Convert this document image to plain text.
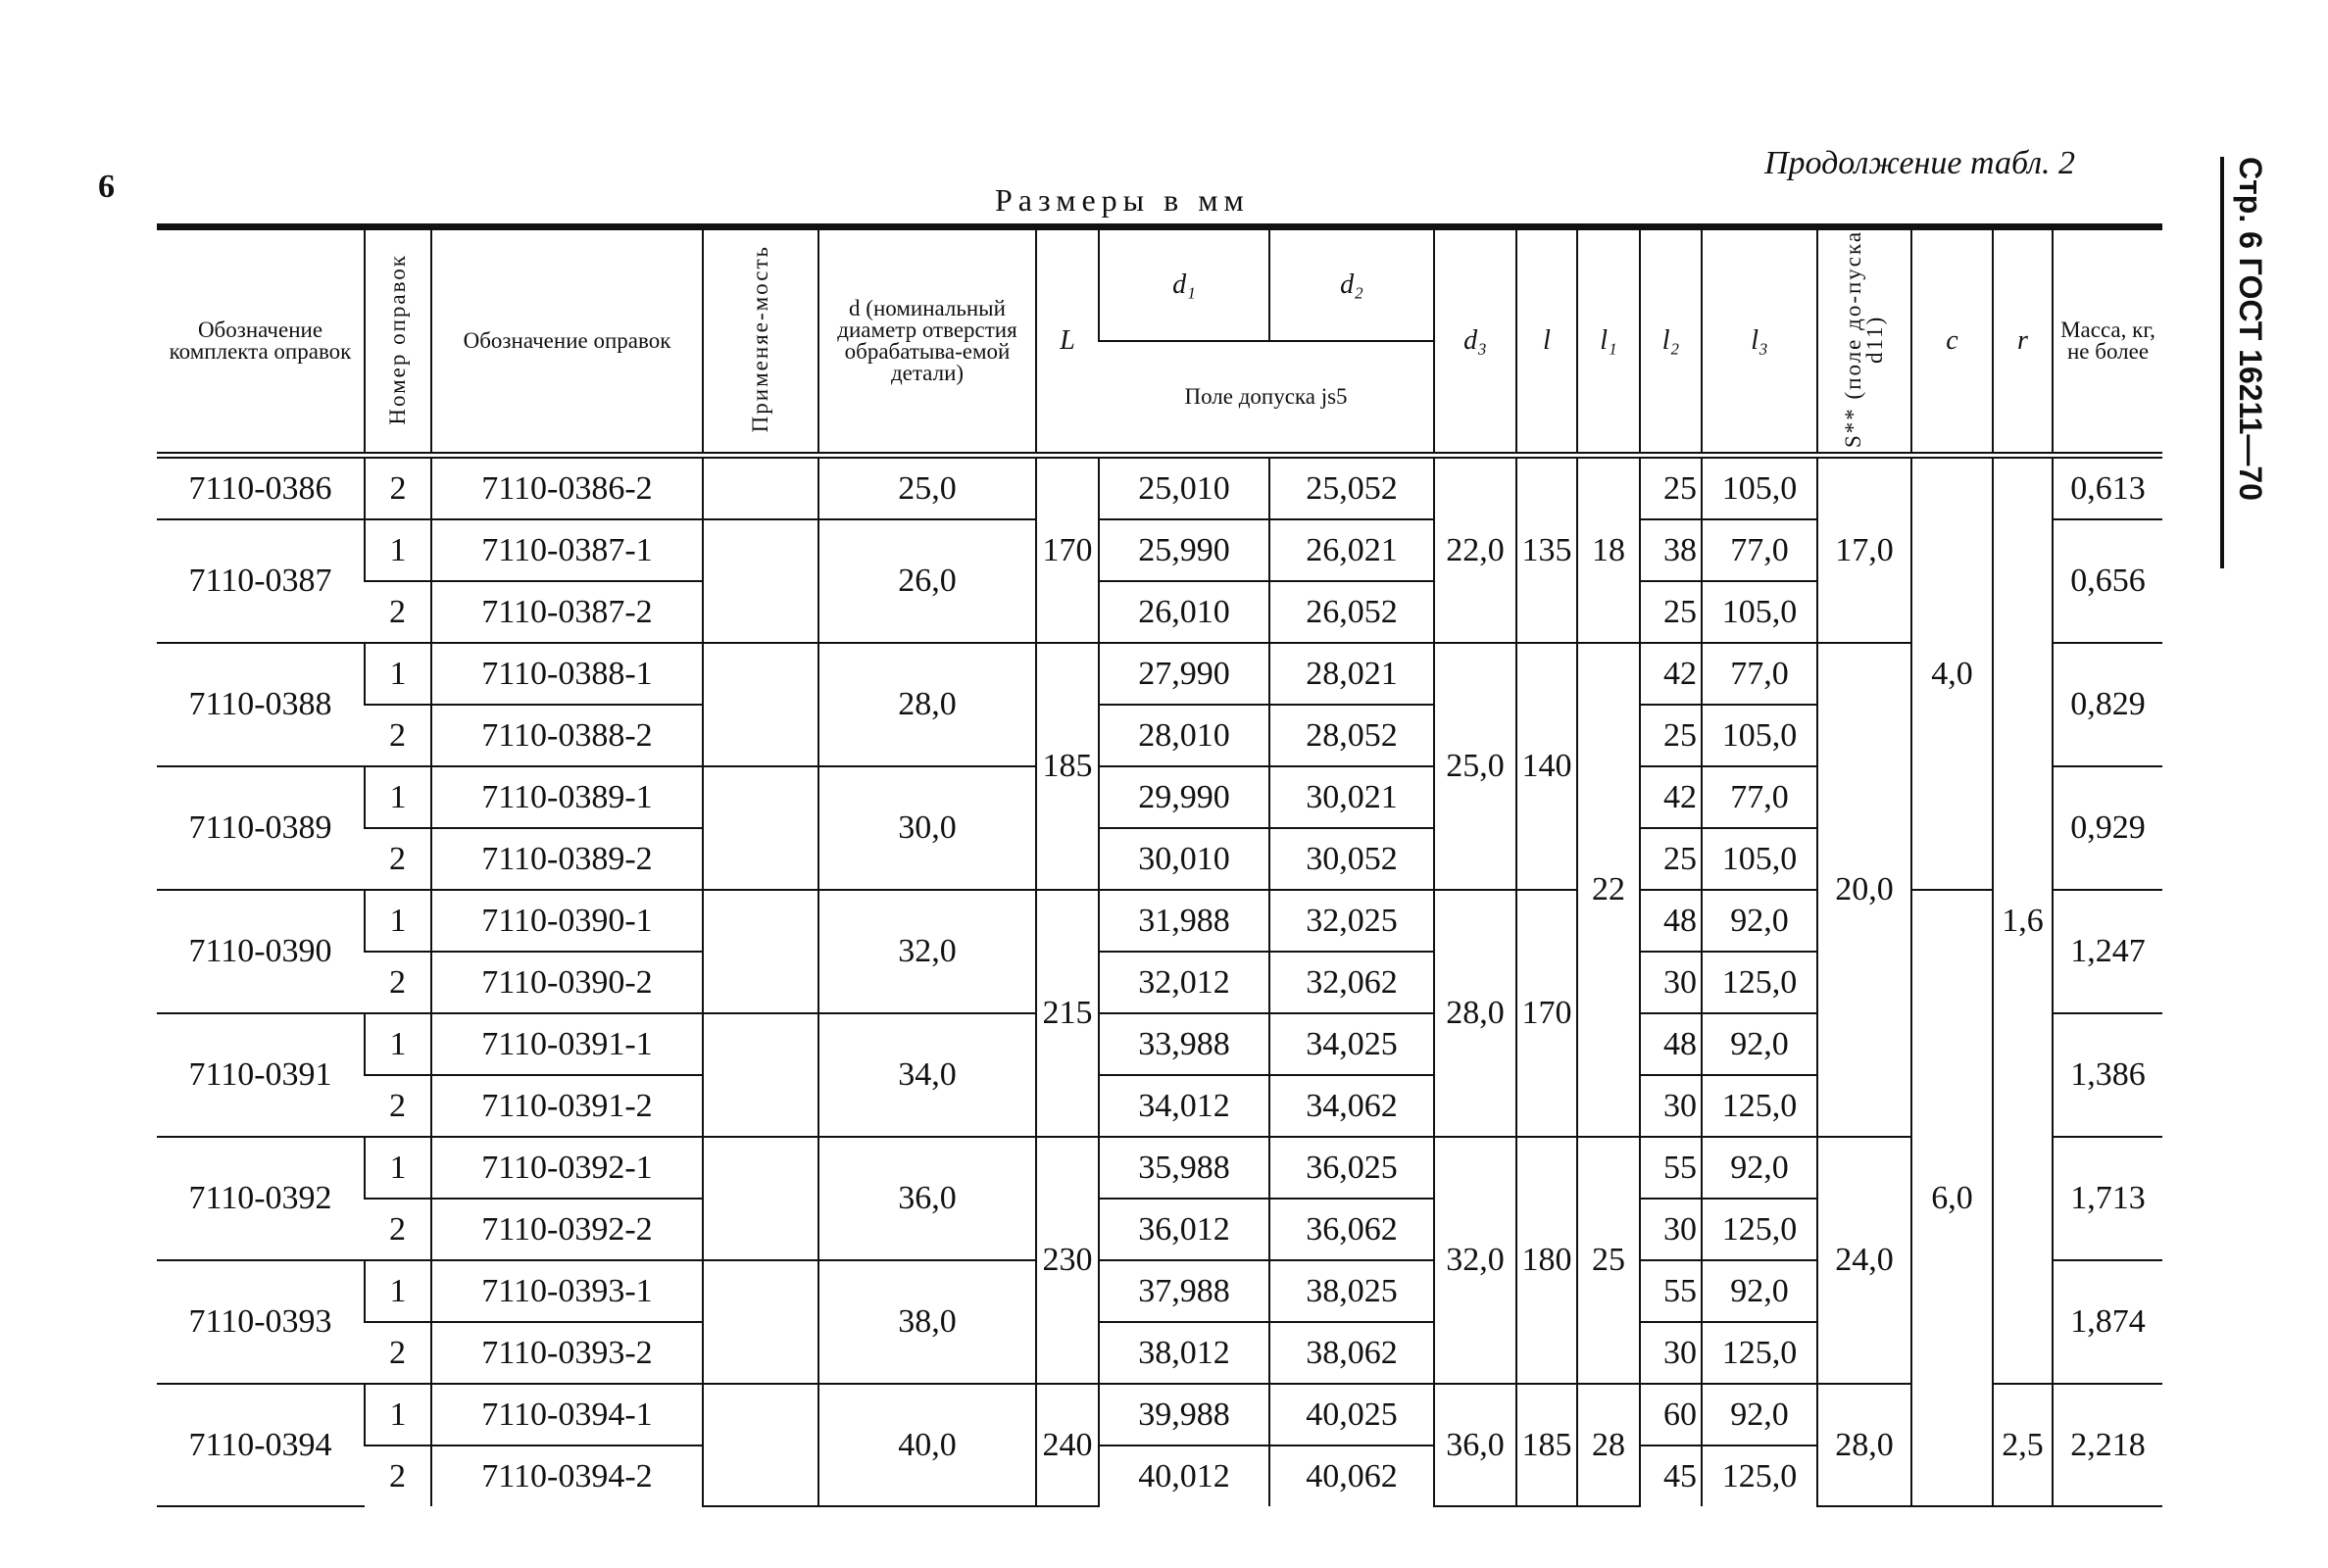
9
Продолжение табл. 2
Размеры в мм	Стр. 6 ГОСТ 16211—70
Обозначение комплекта оправок	Номер оправок	Обозначение оправок	Применяе-мость	d (номинальный диаметр отверстия обрабатыва-емой детали)	L	d₁	d₂	d₃	l	l₁	l₂	l₃	S** (поле до-пуска d11)	c	r	Масса, кг, не более
						Поле допуска js5										
7110-0386	2	7110-0386-2		25,0	170	25,010	25,052	22,0	135	18	25	105,0	17,0	4,0	1,6	0,613
7110-0387	1	7110-0387-1		26,0		25,990	26,021				38	77,0				0,656
	2	7110-0387-2				26,010	26,052				25	105,0				
7110-0388	1	7110-0388-1		28,0	185	27,990	28,021	25,0	140	22	42	77,0	20,0			0,829
	2	7110-0388-2				28,010	28,052				25	105,0				
7110-0389	1	7110-0389-1		30,0		29,990	30,021				42	77,0				0,929
	2	7110-0389-2				30,010	30,052				25	105,0				
7110-0390	1	7110-0390-1		32,0	215	31,988	32,025	28,0	170		48	92,0		6,0		1,247
	2	7110-0390-2				32,012	32,062				30	125,0				
7110-0391	1	7110-0391-1		34,0		33,988	34,025				48	92,0				1,386
	2	7110-0391-2				34,012	34,062				30	125,0				
7110-0392	1	7110-0392-1		36,0	230	35,988	36,025	32,0	180	25	55	92,0	24,0			1,713
	2	7110-0392-2				36,012	36,062				30	125,0				
7110-0393	1	7110-0393-1		38,0		37,988	38,025				55	92,0				1,874
	2	7110-0393-2				38,012	38,062				30	125,0				
7110-0394	1	7110-0394-1		40,0	240	39,988	40,025	36,0	185	28	60	92,0	28,0		2,5	2,218
	2	7110-0394-2				40,012	40,062				45	125,0				
